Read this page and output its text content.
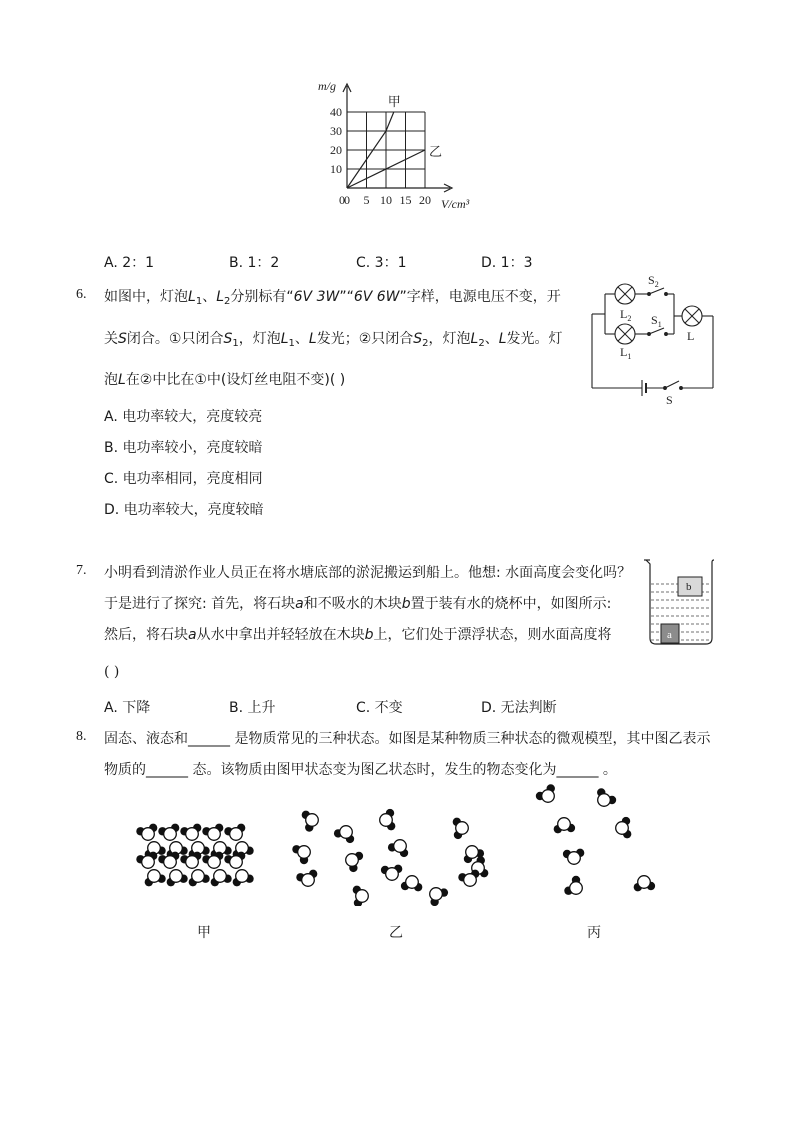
0 5 10 15 20
10
20
30
40
0
m/g
V/cm³
甲
乙
A. 2：1	B. 1：2	C. 3：1	D. 1：3
6. 如图中，灯泡$L_1$、$L_2$分别标有“6V 3W”“6V 6W”字样，电源电压不变，开
关S闭合。①只闭合$S_1$，灯泡$L_1$、L发光；②只闭合$S_2$，灯泡$L_2$、L发光。灯
泡L在②中比在①中(设灯丝电阻不变)( )
A. 电功率较大，亮度较亮
B. 电功率较小，亮度较暗
C. 电功率相同，亮度相同
D. 电功率较大，亮度较暗
$S_2$
$S_1$
$L_2$
$L_1$
L
S
7. 小明看到清淤作业人员正在将水塘底部的淤泥搬运到船上。他想: 水面高度会变化吗？
于是进行了探究: 首先，将石块a和不吸水的木块b置于装有水的烧杯中，如图所示:
然后，将石块a从水中拿出并轻轻放在木块b上，它们处于漂浮状态，则水面高度将
( )
b
a
A. 下降	B. 上升	C. 不变	D. 无法判断
8. 固态、液态和______ 是物质常见的三种状态。如图是某种物质三种状态的微观模型，其中图乙表示
物质的______ 态。该物质由图甲状态变为图乙状态时，发生的物态变化为______ 。
甲	乙	丙
